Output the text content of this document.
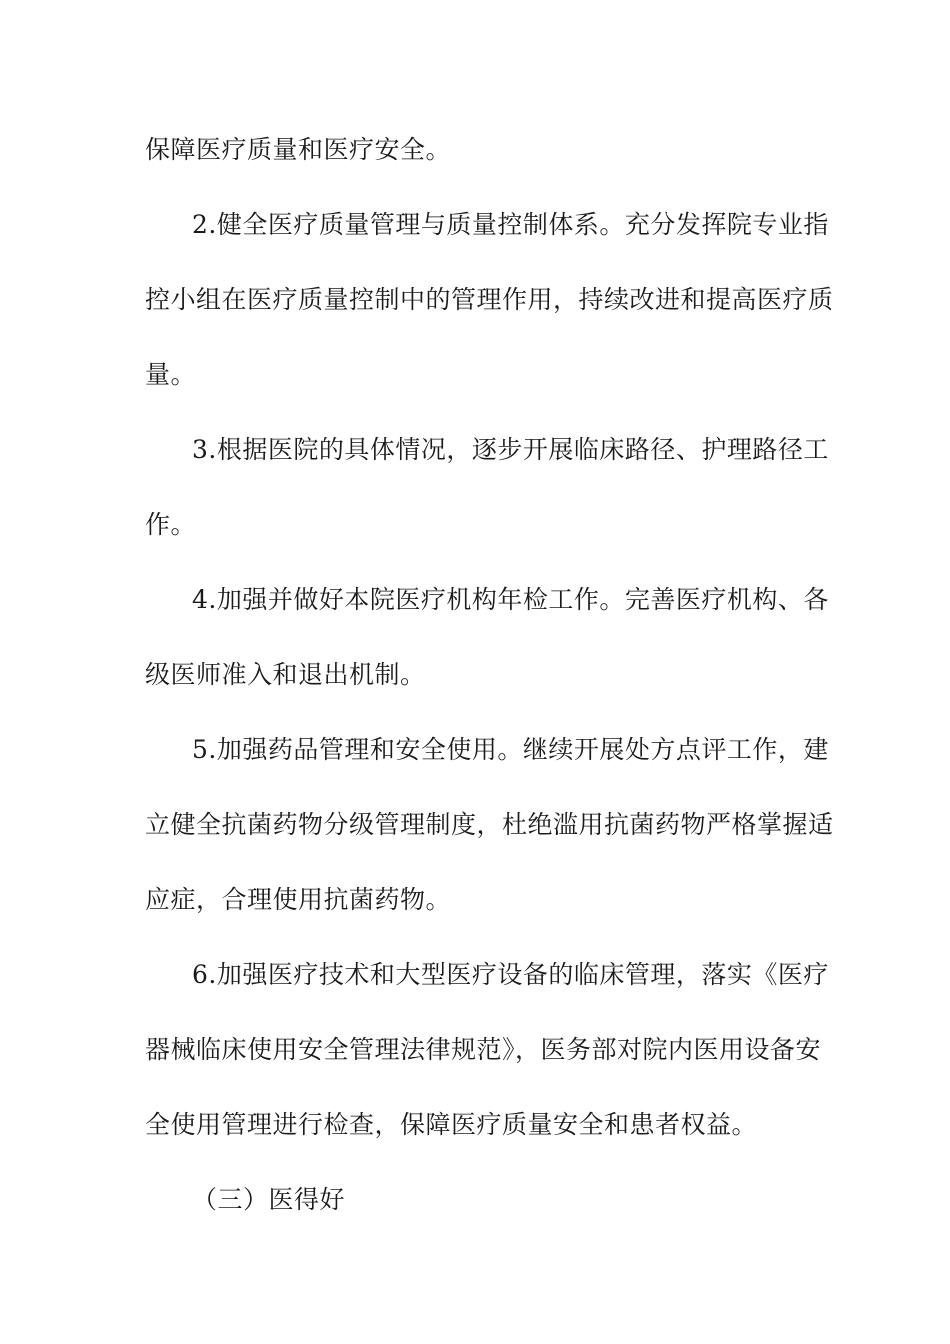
保障医疗质量和医疗安全。
2.健全医疗质量管理与质量控制体系。充分发挥院专业指
控小组在医疗质量控制中的管理作用，持续改进和提高医疗质
量。
3.根据医院的具体情况，逐步开展临床路径、护理路径工
作。
4.加强并做好本院医疗机构年检工作。完善医疗机构、各
级医师准入和退出机制。
5.加强药品管理和安全使用。继续开展处方点评工作，建
立健全抗菌药物分级管理制度，杜绝滥用抗菌药物严格掌握适
应症，合理使用抗菌药物。
6.加强医疗技术和大型医疗设备的临床管理，落实《医疗
器械临床使用安全管理法律规范》，医务部对院内医用设备安
全使用管理进行检查，保障医疗质量安全和患者权益。
（三）医得好
